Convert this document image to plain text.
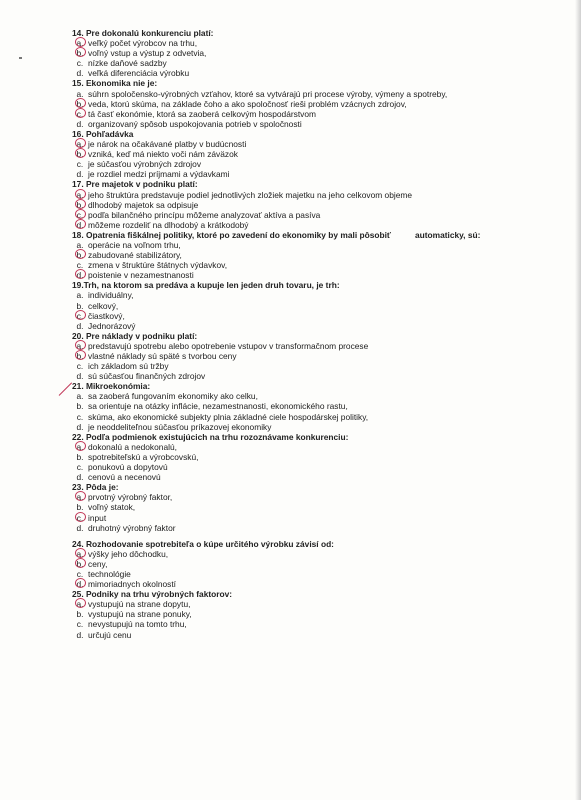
14. Pre dokonalú konkurenciu platí:
a. veľký počet výrobcov na trhu,
b. voľný vstup a výstup z odvetvia,
c. nízke daňové sadzby
d. veľká diferenciácia výrobku
15. Ekonomika nie je:
a. súhrn spoločensko-výrobných vzťahov, ktoré sa vytvárajú pri procese výroby, výmeny a spotreby,
b. veda, ktorú skúma, na základe čoho a ako spoločnosť rieši problém vzácnych zdrojov,
c. tá časť ekonómie, ktorá sa zaoberá celkovým hospodárstvom
d. organizovaný spôsob uspokojovania potrieb v spoločnosti
16. Pohľadávka
a. je nárok na očakávané platby v budúcnosti
b. vzniká, keď má niekto voči nám záväzok
c. je súčasťou výrobných zdrojov
d. je rozdiel medzi príjmami a výdavkami
17. Pre majetok v podniku platí:
a. jeho štruktúra predstavuje podiel jednotlivých zložiek majetku na jeho celkovom objeme
b. dlhodobý majetok sa odpisuje
c. podľa bilančného princípu môžeme analyzovať aktíva a pasíva
d. môžeme rozdeliť na dlhodobý a krátkodobý
18. Opatrenia fiškálnej politiky, ktoré po zavedení do ekonomiky by mali pôsobiť	automaticky, sú:
a. operácie na voľnom trhu,
b. zabudované stabilizátory,
c. zmena v štruktúre štátnych výdavkov,
d. poistenie v nezamestnanosti
19.Trh, na ktorom sa predáva a kupuje len jeden druh tovaru, je trh:
a. individuálny,
b. celkový,
c. čiastkový,
d. Jednorázový
20. Pre náklady v podniku platí:
a. predstavujú spotrebu alebo opotrebenie vstupov v transformačnom procese
b. vlastné náklady sú späté s tvorbou ceny
c. ich základom sú tržby
d. sú súčasťou finančných zdrojov
21. Mikroekonómia:
a. sa zaoberá fungovaním ekonomiky ako celku,
b. sa orientuje na otázky inflácie, nezamestnanosti, ekonomického rastu,
c. skúma, ako ekonomické subjekty plnia základné ciele hospodárskej politiky,
d. je neoddeliteľnou súčasťou príkazovej ekonomiky
22. Podľa podmienok existujúcich na trhu rozoznávame konkurenciu:
a. dokonalú a nedokonalú,
b. spotrebiteľskú a výrobcovskú,
c. ponukovú a dopytovú
d. cenovú a necenovú
23. Pôda je:
a. prvotný výrobný faktor,
b. voľný statok,
c. input
d. druhotný výrobný faktor
24. Rozhodovanie spotrebiteľa o kúpe určitého výrobku závisí od:
a. výšky jeho dôchodku,
b. ceny,
c. technológie
d. mimoriadnych okolností
25. Podniky na trhu výrobných faktorov:
a. vystupujú na strane dopytu,
b. vystupujú na strane ponuky,
c. nevystupujú na tomto trhu,
d. určujú cenu
